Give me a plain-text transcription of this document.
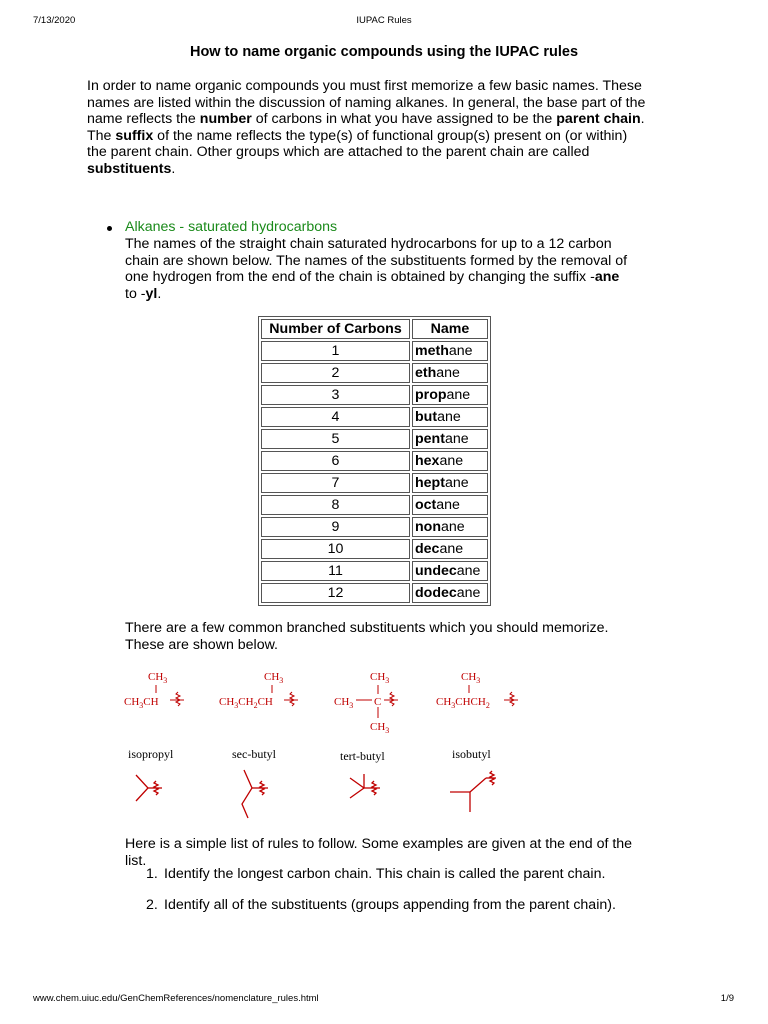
7/13/2020	IUPAC Rules
How to name organic compounds using the IUPAC rules

In order to name organic compounds you must first memorize a few basic names. These names are listed within the discussion of naming alkanes. In general, the base part of the name reflects the number of carbons in what you have assigned to be the parent chain. The suffix of the name reflects the type(s) of functional group(s) present on (or within) the parent chain. Other groups which are attached to the parent chain are called substituents.

Alkanes - saturated hydrocarbons

The names of the straight chain saturated hydrocarbons for up to a 12 carbon chain are shown below. The names of the substituents formed by the removal of one hydrogen from the end of the chain is obtained by changing the suffix -ane to -yl.

Number of Carbons	Name
1	methane
2	ethane
3	propane
4	butane
5	pentane
6	hexane
7	heptane
8	octane
9	nonane
10	decane
11	undecane
12	dodecane

There are a few common branched substituents which you should memorize. These are shown below.

$CH_3$
$CH_3CH$
$CH_3$
$CH_3CH_2CH$
$CH_3$
$CH_3$ C
$CH_3$
$CH_3$
$CH_3CHCH_2$
isopropyl	sec-butyl	tert-butyl	isobutyl

Here is a simple list of rules to follow. Some examples are given at the end of the list.

1. Identify the longest carbon chain. This chain is called the parent chain.
2. Identify all of the substituents (groups appending from the parent chain).
www.chem.uiuc.edu/GenChemReferences/nomenclature_rules.html	1/9
